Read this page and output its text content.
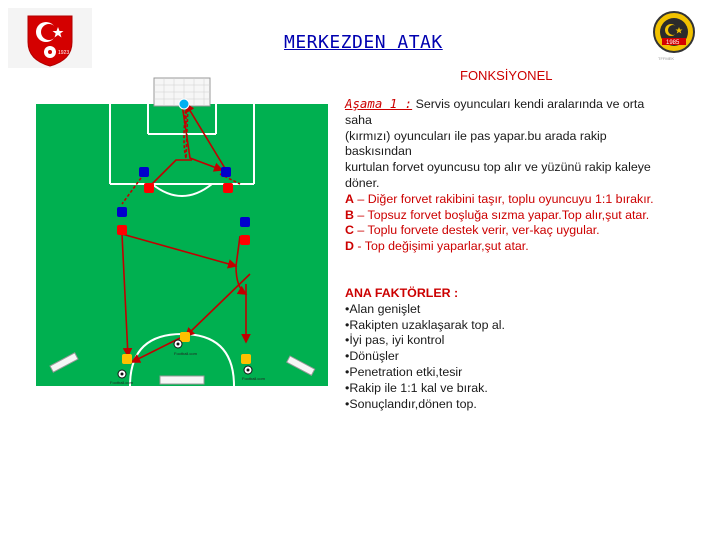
1923
1985
TFFMEK
MERKEZDEN ATAK
FONKSİYONEL
Football.com
Football.com
Football.com

Aşama 1 : Servis oyuncuları kendi aralarında ve orta

saha

(kırmızı) oyuncuları ile pas yapar.bu arada rakip

baskısından

kurtulan forvet oyuncusu top alır ve yüzünü rakip kaleye

döner.

A – Diğer forvet rakibini taşır, toplu oyuncuyu 1:1 bırakır.

B – Topsuz forvet boşluğa sızma yapar.Top alır,şut atar.

C – Toplu forvete destek verir, ver-kaç uygular.

D - Top değişimi yaparlar,şut atar.

ANA FAKTÖRLER :

•Alan genişlet

•Rakipten uzaklaşarak top al.

•İyi pas, iyi kontrol

•Dönüşler

•Penetration etki,tesir

•Rakip ile 1:1 kal ve bırak.

•Sonuçlandır,dönen top.
